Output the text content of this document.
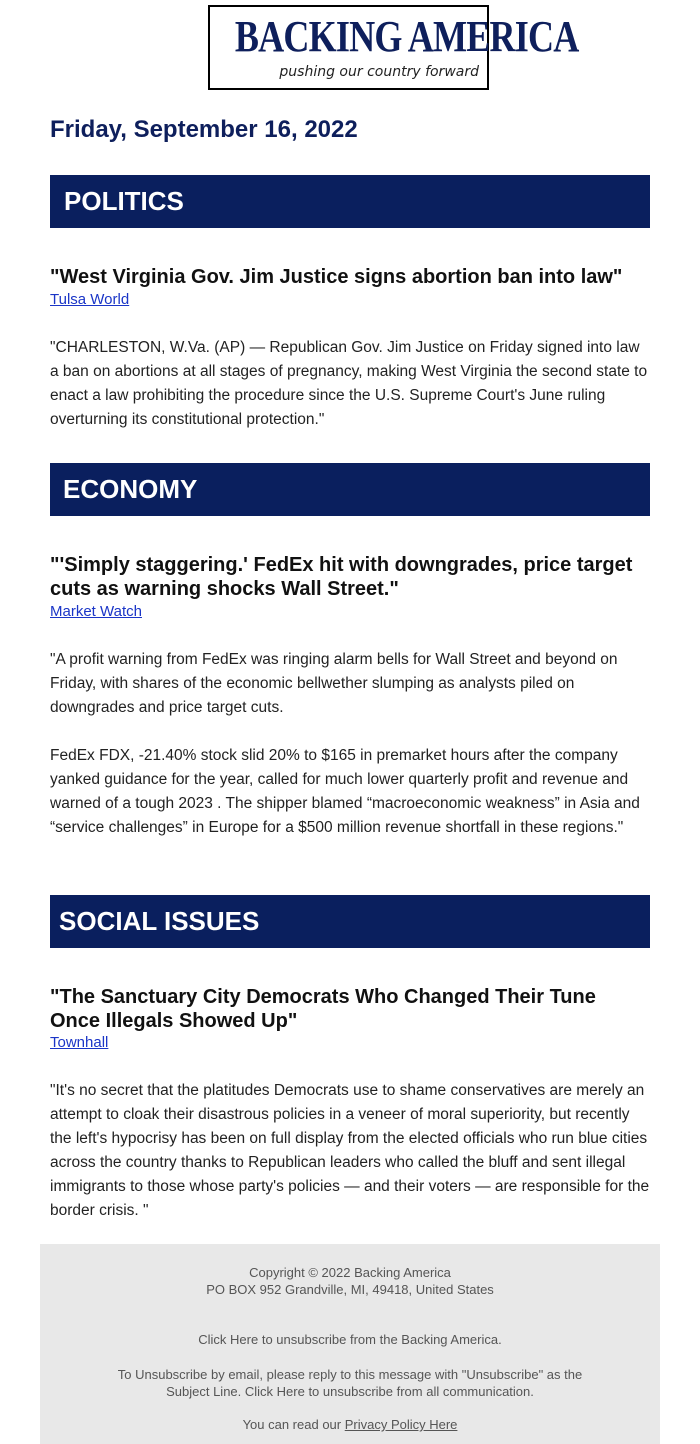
BACKING AMERICA
pushing our country forward
Friday, September 16, 2022
POLITICS
"West Virginia Gov. Jim Justice signs abortion ban into law"
Tulsa World
"CHARLESTON, W.Va. (AP) — Republican Gov. Jim Justice on Friday signed into law a ban on abortions at all stages of pregnancy, making West Virginia the second state to enact a law prohibiting the procedure since the U.S. Supreme Court's June ruling overturning its constitutional protection."
ECONOMY
"'Simply staggering.' FedEx hit with downgrades, price target cuts as warning shocks Wall Street."
Market Watch
"A profit warning from FedEx was ringing alarm bells for Wall Street and beyond on Friday, with shares of the economic bellwether slumping as analysts piled on downgrades and price target cuts.
FedEx FDX, -21.40% stock slid 20% to $165 in premarket hours after the company yanked guidance for the year, called for much lower quarterly profit and revenue and warned of a tough 2023 . The shipper blamed “macroeconomic weakness” in Asia and “service challenges” in Europe for a $500 million revenue shortfall in these regions."
SOCIAL ISSUES
"The Sanctuary City Democrats Who Changed Their Tune Once Illegals Showed Up"
Townhall
"It's no secret that the platitudes Democrats use to shame conservatives are merely an attempt to cloak their disastrous policies in a veneer of moral superiority, but recently the left's hypocrisy has been on full display from the elected officials who run blue cities across the country thanks to Republican leaders who called the bluff and sent illegal immigrants to those whose party's policies — and their voters — are responsible for the border crisis. "
Copyright © 2022 Backing America
PO BOX 952 Grandville, MI, 49418, United States
Click Here to unsubscribe from the Backing America.
To Unsubscribe by email, please reply to this message with "Unsubscribe" as the Subject Line. Click Here to unsubscribe from all communication.
You can read our Privacy Policy Here
